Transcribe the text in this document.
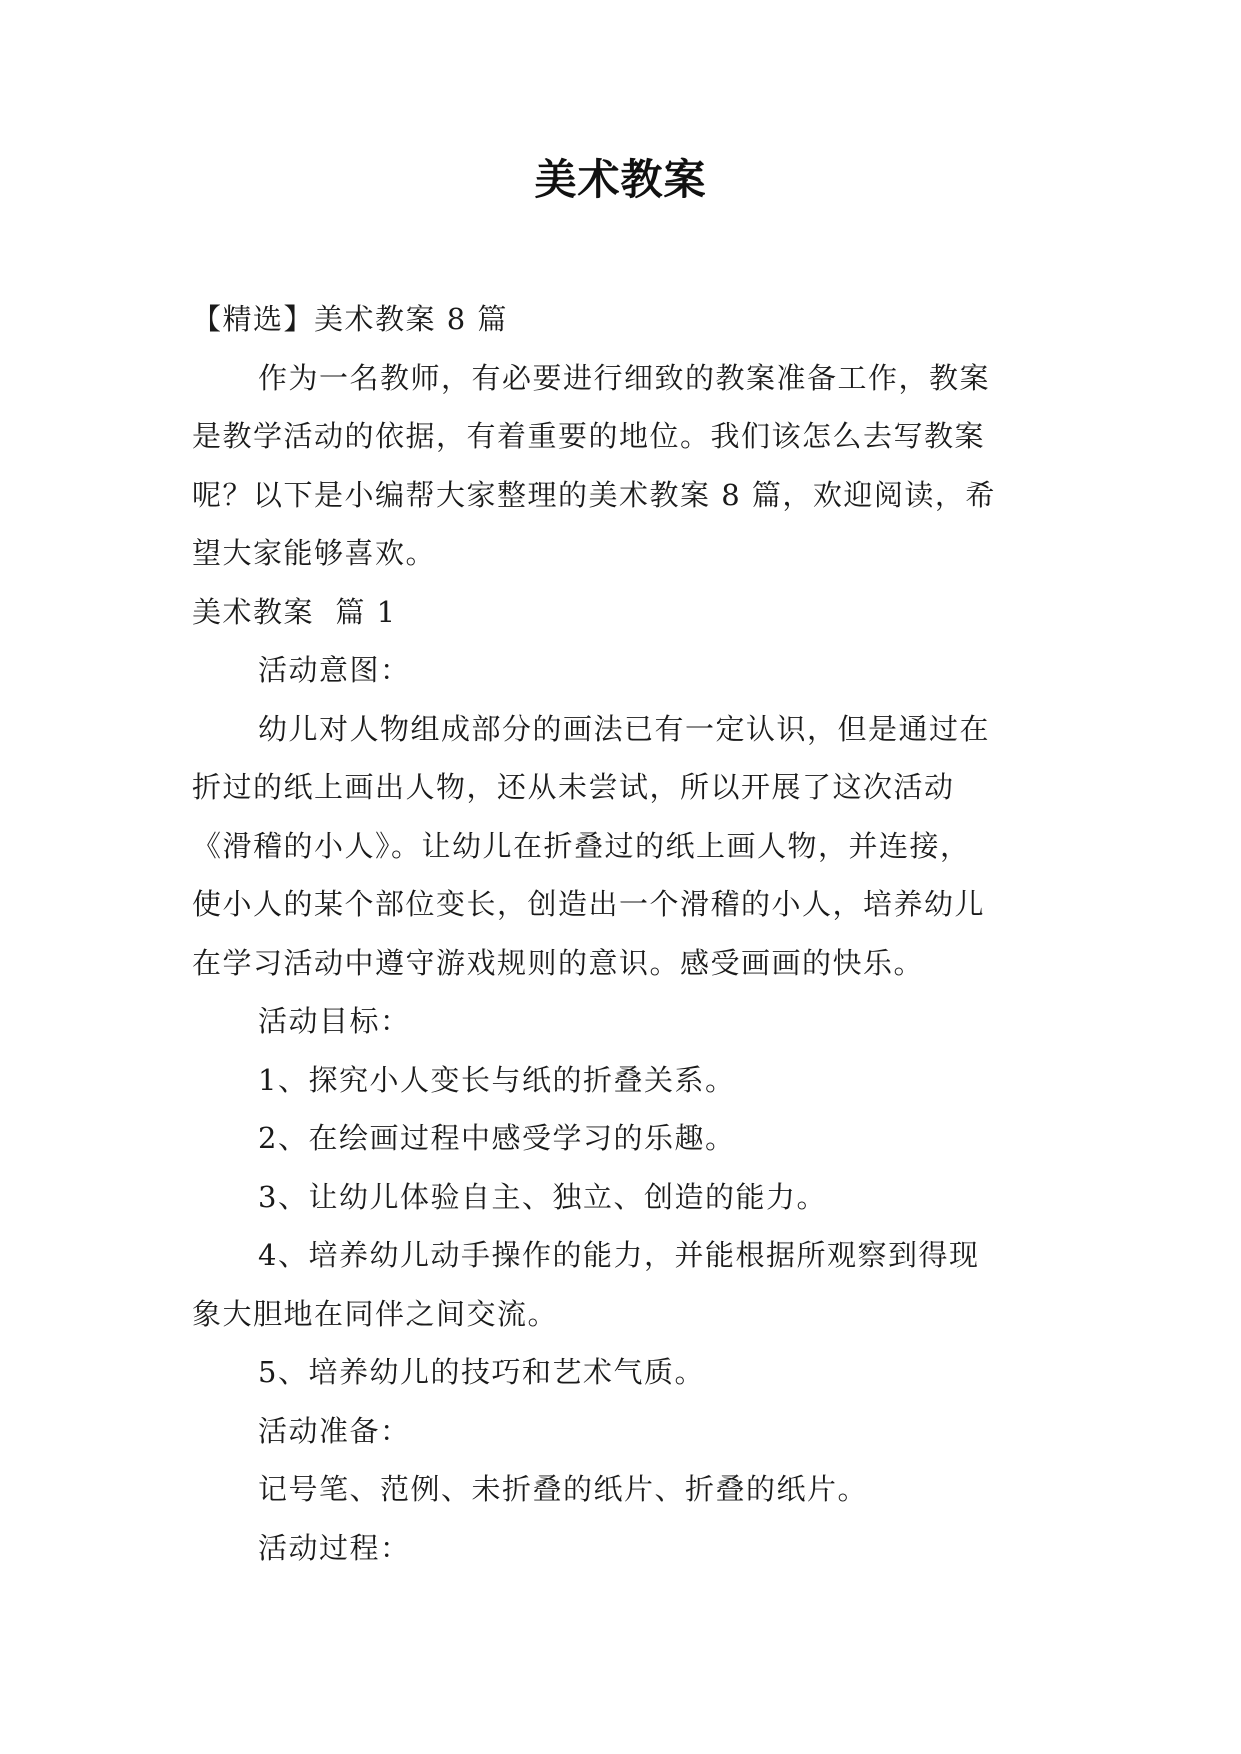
美术教案

【精选】美术教案 8 篇

作为一名教师，有必要进行细致的教案准备工作，教案

是教学活动的依据，有着重要的地位。我们该怎么去写教案

呢？以下是小编帮大家整理的美术教案 8 篇，欢迎阅读，希

望大家能够喜欢。

美术教案  篇 1

活动意图：

幼儿对人物组成部分的画法已有一定认识，但是通过在

折过的纸上画出人物，还从未尝试，所以开展了这次活动

《滑稽的小人》。让幼儿在折叠过的纸上画人物，并连接，

使小人的某个部位变长，创造出一个滑稽的小人，培养幼儿

在学习活动中遵守游戏规则的意识。感受画画的快乐。

活动目标：

1、探究小人变长与纸的折叠关系。

2、在绘画过程中感受学习的乐趣。

3、让幼儿体验自主、独立、创造的能力。

4、培养幼儿动手操作的能力，并能根据所观察到得现

象大胆地在同伴之间交流。

5、培养幼儿的技巧和艺术气质。

活动准备：

记号笔、范例、未折叠的纸片、折叠的纸片。

活动过程：
